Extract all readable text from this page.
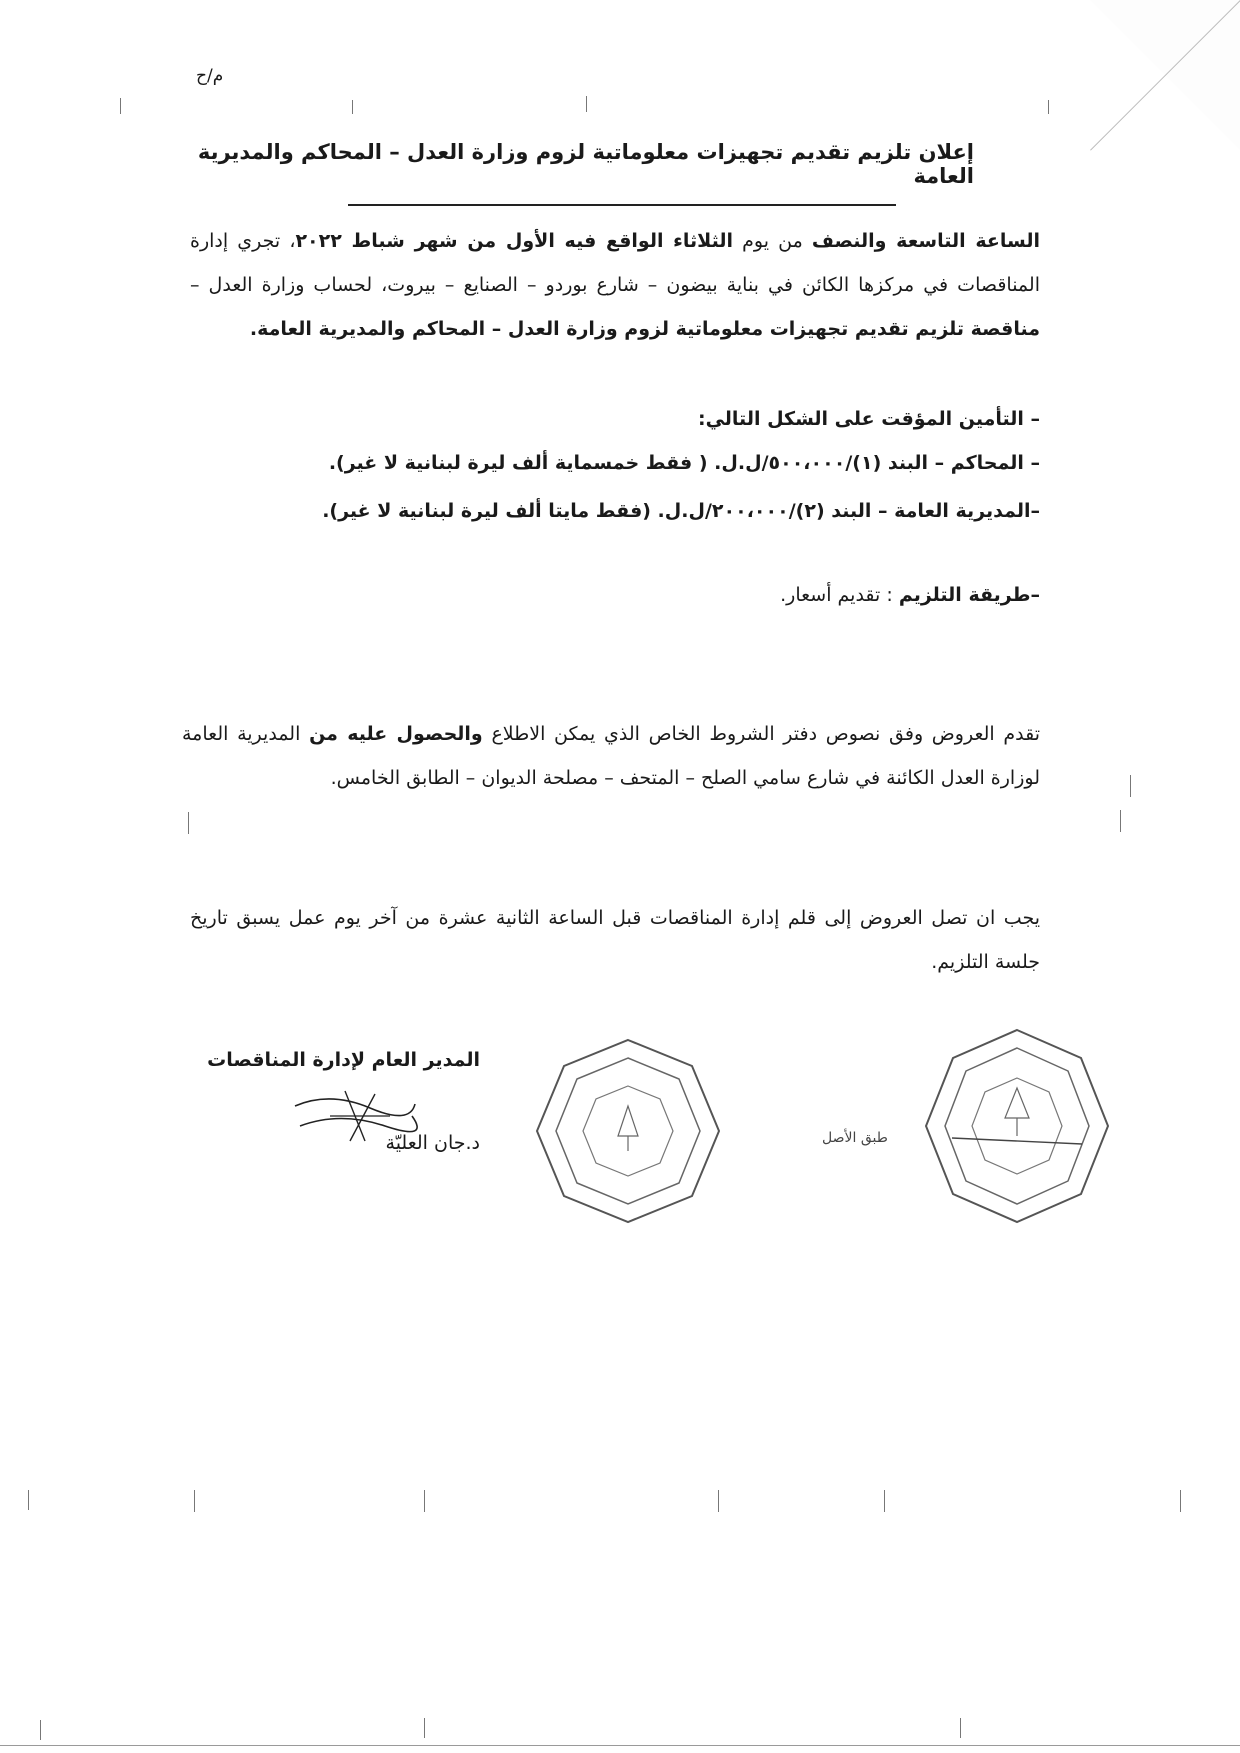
م/ح
إعلان تلزيم تقديم تجهيزات معلوماتية لزوم وزارة العدل – المحاكم والمديرية العامة
الساعة التاسعة والنصف من يوم الثلاثاء الواقع فيه الأول من شهر شباط ٢٠٢٢، تجري إدارة المناقصات في مركزها الكائن في بناية بيضون – شارع بوردو – الصنايع – بيروت، لحساب وزارة العدل – مناقصة تلزيم تقديم تجهيزات معلوماتية لزوم وزارة العدل – المحاكم والمديرية العامة.
– التأمين المؤقت على الشكل التالي:
– المحاكم – البند (١)/٥٠٠،٠٠٠/ل.ل. ( فقط خمسماية ألف ليرة لبنانية لا غير).
–المديرية العامة – البند (٢)/٢٠٠،٠٠٠/ل.ل. (فقط مايتا ألف ليرة لبنانية لا غير).
–طريقة التلزيم : تقديم أسعار.
تقدم العروض وفق نصوص دفتر الشروط الخاص الذي يمكن الاطلاع والحصول عليه من المديرية العامة لوزارة العدل الكائنة في شارع سامي الصلح – المتحف – مصلحة الديوان – الطابق الخامس.
يجب ان تصل العروض إلى قلم إدارة المناقصات قبل الساعة الثانية عشرة من آخر يوم عمل يسبق تاريخ جلسة التلزيم.
المدير العام لإدارة المناقصات
د.جان العليّة	طبق الأصل
